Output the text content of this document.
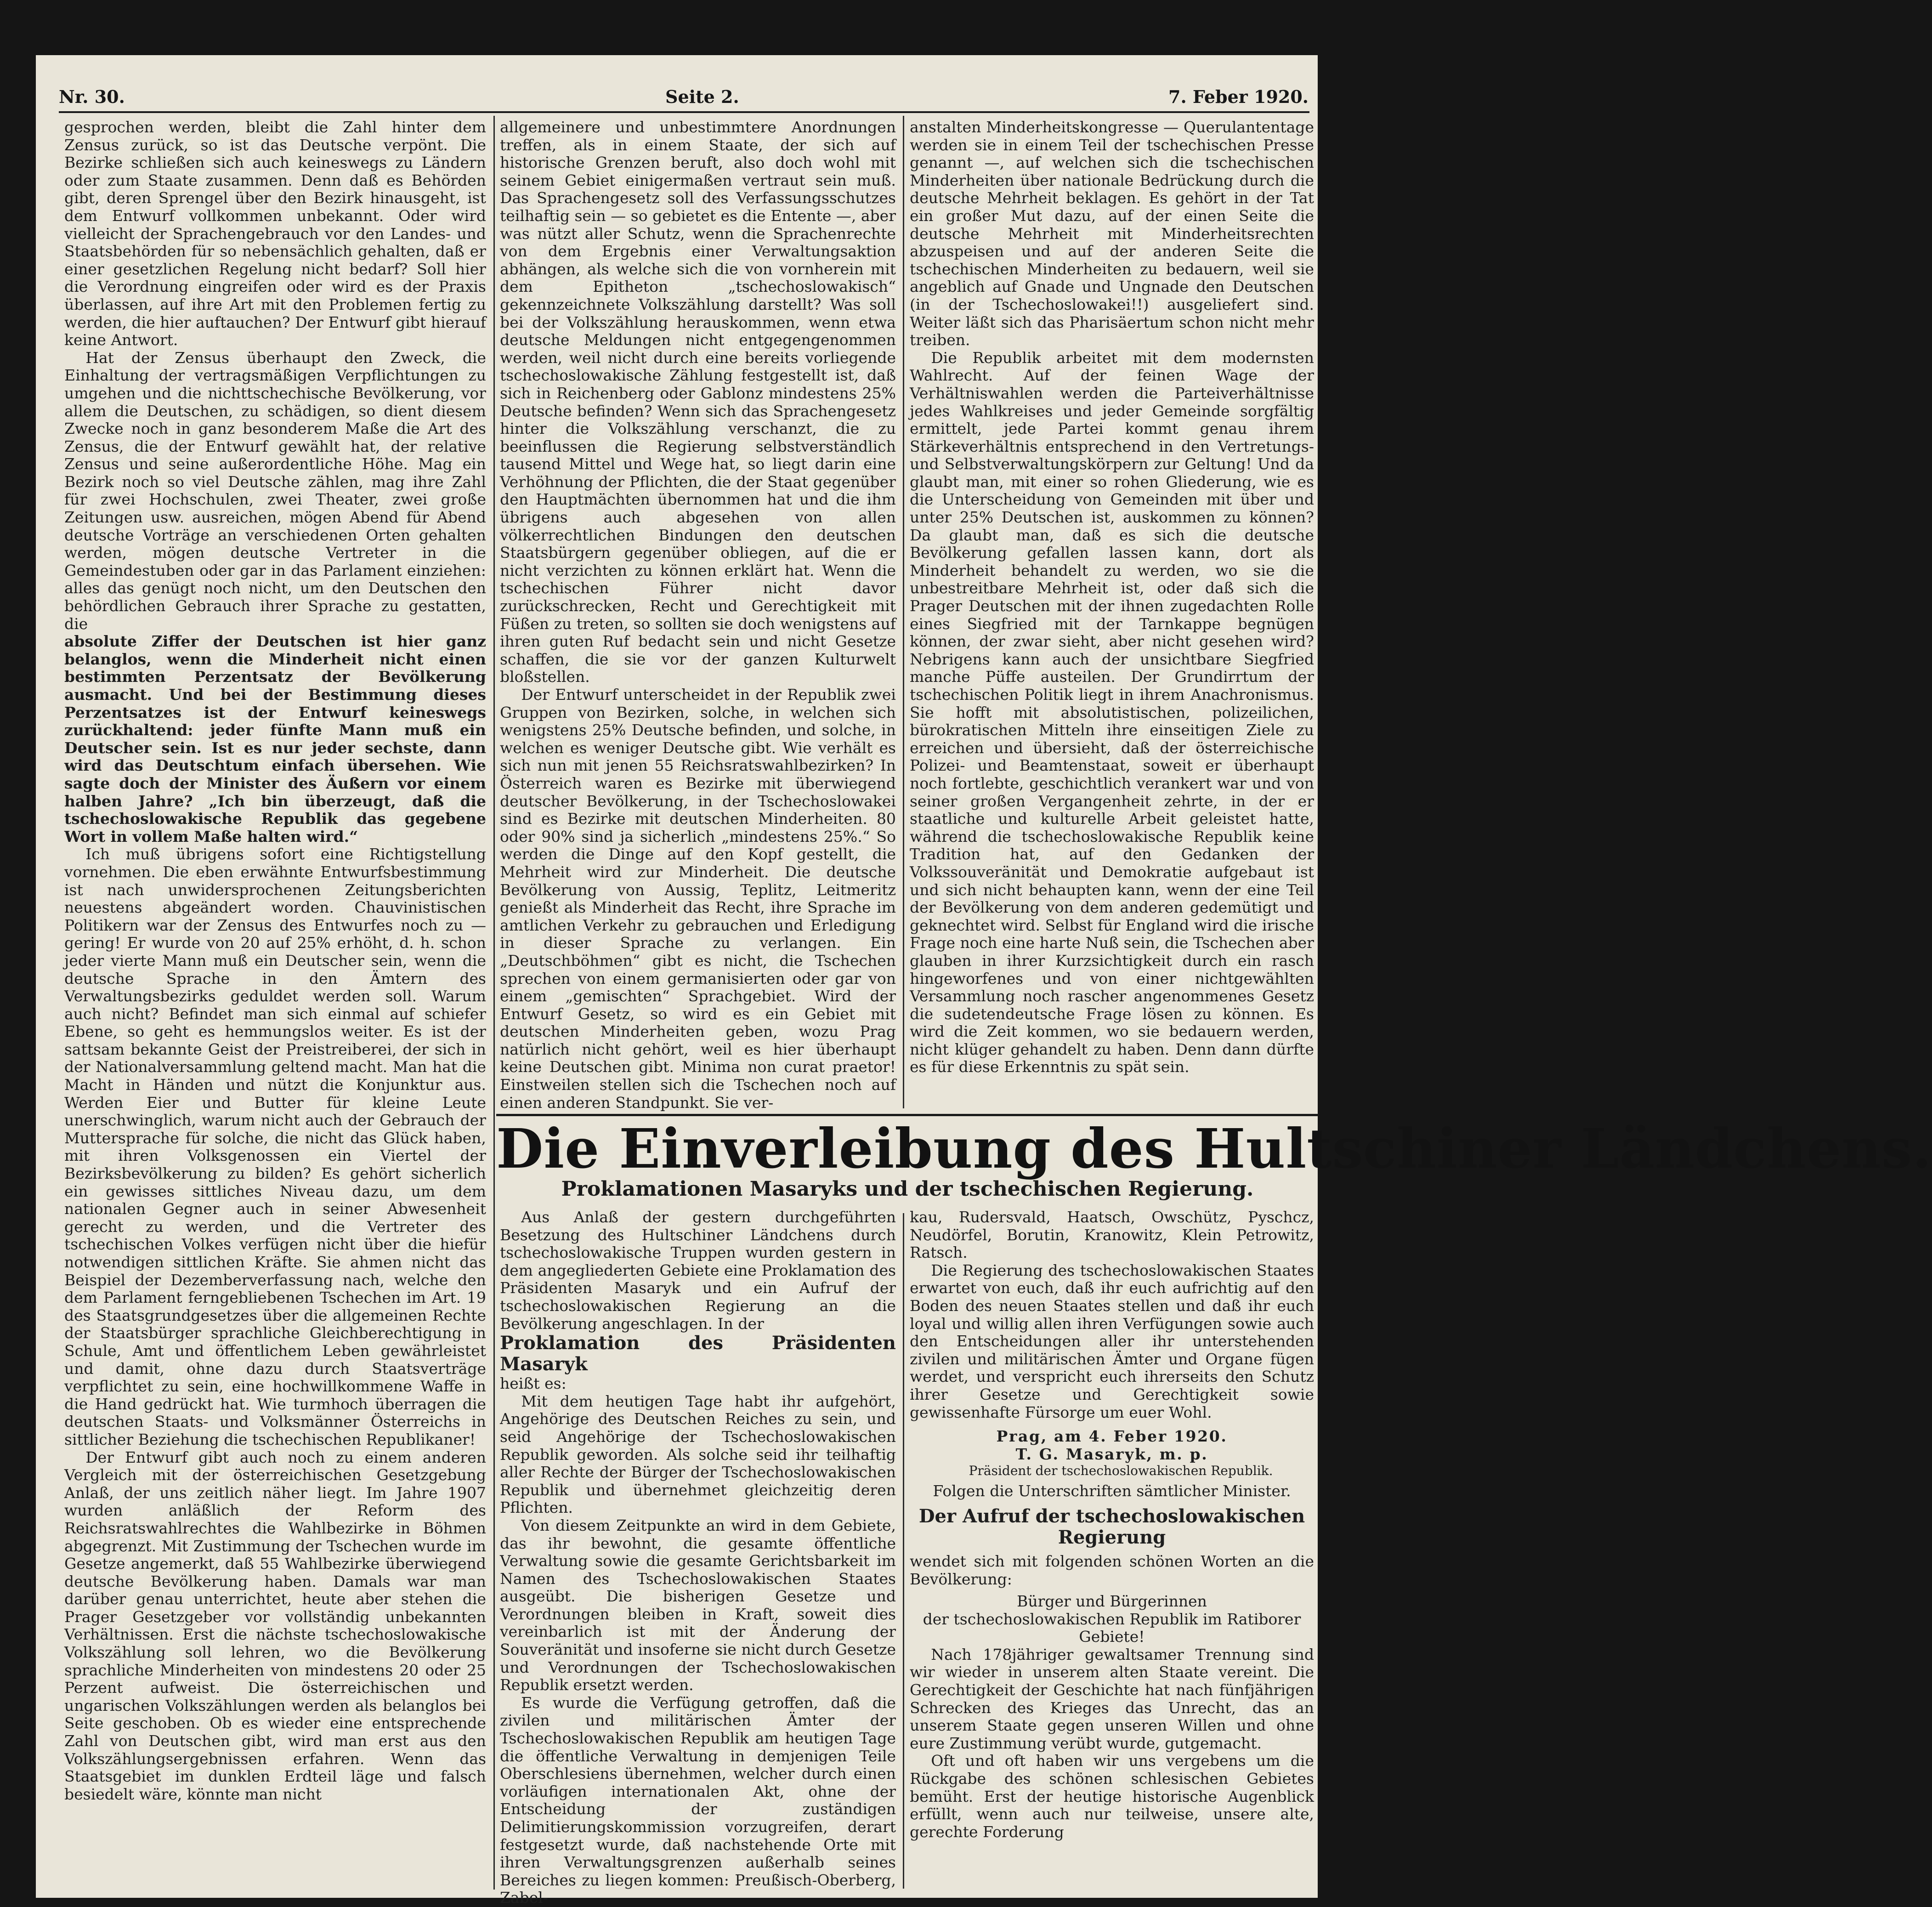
Nr. 30.	Seite 2.	7. Feber 1920.

gesprochen werden, bleibt die Zahl hinter dem Zensus zurück, so ist das Deutsche verpönt. Die Bezirke schließen sich auch keineswegs zu Ländern oder zum Staate zusammen. Denn daß es Behörden gibt, deren Sprengel über den Bezirk hinausgeht, ist dem Entwurf vollkommen unbekannt. Oder wird vielleicht der Sprachengebrauch vor den Landes- und Staatsbehörden für so nebensächlich gehalten, daß er einer gesetzlichen Regelung nicht bedarf? Soll hier die Verordnung eingreifen oder wird es der Praxis überlassen, auf ihre Art mit den Problemen fertig zu werden, die hier auftauchen? Der Entwurf gibt hierauf keine Antwort.

Hat der Zensus überhaupt den Zweck, die Einhaltung der vertragsmäßigen Verpflichtungen zu umgehen und die nichttschechische Bevölkerung, vor allem die Deutschen, zu schädigen, so dient diesem Zwecke noch in ganz besonderem Maße die Art des Zensus, die der Entwurf gewählt hat, der relative Zensus und seine außerordentliche Höhe. Mag ein Bezirk noch so viel Deutsche zählen, mag ihre Zahl für zwei Hochschulen, zwei Theater, zwei große Zeitungen usw. ausreichen, mögen Abend für Abend deutsche Vorträge an verschiedenen Orten gehalten werden, mögen deutsche Vertreter in die Gemeindestuben oder gar in das Parlament einziehen: alles das genügt noch nicht, um den Deutschen den behördlichen Gebrauch ihrer Sprache zu gestatten, die

absolute Ziffer der Deutschen ist hier ganz belanglos, wenn die Minderheit nicht einen bestimmten Perzentsatz der Bevölkerung ausmacht. Und bei der Bestimmung dieses Perzentsatzes ist der Entwurf keineswegs zurückhaltend: jeder fünfte Mann muß ein Deutscher sein. Ist es nur jeder sechste, dann wird das Deutschtum einfach übersehen. Wie sagte doch der Minister des Äußern vor einem halben Jahre? „Ich bin überzeugt, daß die tschechoslowakische Republik das gegebene Wort in vollem Maße halten wird.“

Ich muß übrigens sofort eine Richtigstellung vornehmen. Die eben erwähnte Entwurfsbestimmung ist nach unwidersprochenen Zeitungsberichten neuestens abgeändert worden. Chauvinistischen Politikern war der Zensus des Entwurfes noch zu — gering! Er wurde von 20 auf 25% erhöht, d. h. schon jeder vierte Mann muß ein Deutscher sein, wenn die deutsche Sprache in den Ämtern des Verwaltungsbezirks geduldet werden soll. Warum auch nicht? Befindet man sich einmal auf schiefer Ebene, so geht es hemmungslos weiter. Es ist der sattsam bekannte Geist der Preistreiberei, der sich in der Nationalversammlung geltend macht. Man hat die Macht in Händen und nützt die Konjunktur aus. Werden Eier und Butter für kleine Leute unerschwinglich, warum nicht auch der Gebrauch der Muttersprache für solche, die nicht das Glück haben, mit ihren Volksgenossen ein Viertel der Bezirksbevölkerung zu bilden? Es gehört sicherlich ein gewisses sittliches Niveau dazu, um dem nationalen Gegner auch in seiner Abwesenheit gerecht zu werden, und die Vertreter des tschechischen Volkes verfügen nicht über die hiefür notwendigen sittlichen Kräfte. Sie ahmen nicht das Beispiel der Dezemberverfassung nach, welche den dem Parlament ferngebliebenen Tschechen im Art. 19 des Staatsgrundgesetzes über die allgemeinen Rechte der Staatsbürger sprachliche Gleichberechtigung in Schule, Amt und öffentlichem Leben gewährleistet und damit, ohne dazu durch Staatsverträge verpflichtet zu sein, eine hochwillkommene Waffe in die Hand gedrückt hat. Wie turmhoch überragen die deutschen Staats- und Volksmänner Österreichs in sittlicher Beziehung die tschechischen Republikaner!

Der Entwurf gibt auch noch zu einem anderen Vergleich mit der österreichischen Gesetzgebung Anlaß, der uns zeitlich näher liegt. Im Jahre 1907 wurden anläßlich der Reform des Reichsratswahlrechtes die Wahlbezirke in Böhmen abgegrenzt. Mit Zustimmung der Tschechen wurde im Gesetze angemerkt, daß 55 Wahlbezirke überwiegend deutsche Bevölkerung haben. Damals war man darüber genau unterrichtet, heute aber stehen die Prager Gesetzgeber vor vollständig unbekannten Verhältnissen. Erst die nächste tschechoslowakische Volkszählung soll lehren, wo die Bevölkerung sprachliche Minderheiten von mindestens 20 oder 25 Perzent aufweist. Die österreichischen und ungarischen Volkszählungen werden als belanglos bei Seite geschoben. Ob es wieder eine entsprechende Zahl von Deutschen gibt, wird man erst aus den Volkszählungsergebnissen erfahren. Wenn das Staatsgebiet im dunklen Erdteil läge und falsch besiedelt wäre, könnte man nicht

allgemeinere und unbestimmtere Anordnungen treffen, als in einem Staate, der sich auf historische Grenzen beruft, also doch wohl mit seinem Gebiet einigermaßen vertraut sein muß. Das Sprachengesetz soll des Verfassungsschutzes teilhaftig sein — so gebietet es die Entente —, aber was nützt aller Schutz, wenn die Sprachenrechte von dem Ergebnis einer Verwaltungsaktion abhängen, als welche sich die von vornherein mit dem Epitheton „tschechoslowakisch“ gekennzeichnete Volkszählung darstellt? Was soll bei der Volkszählung herauskommen, wenn etwa deutsche Meldungen nicht entgegengenommen werden, weil nicht durch eine bereits vorliegende tschechoslowakische Zählung festgestellt ist, daß sich in Reichenberg oder Gablonz mindestens 25% Deutsche befinden? Wenn sich das Sprachengesetz hinter die Volkszählung verschanzt, die zu beeinflussen die Regierung selbstverständlich tausend Mittel und Wege hat, so liegt darin eine Verhöhnung der Pflichten, die der Staat gegenüber den Hauptmächten übernommen hat und die ihm übrigens auch abgesehen von allen völkerrechtlichen Bindungen den deutschen Staatsbürgern gegenüber obliegen, auf die er nicht verzichten zu können erklärt hat. Wenn die tschechischen Führer nicht davor zurückschrecken, Recht und Gerechtigkeit mit Füßen zu treten, so sollten sie doch wenigstens auf ihren guten Ruf bedacht sein und nicht Gesetze schaffen, die sie vor der ganzen Kulturwelt bloßstellen.

Der Entwurf unterscheidet in der Republik zwei Gruppen von Bezirken, solche, in welchen sich wenigstens 25% Deutsche befinden, und solche, in welchen es weniger Deutsche gibt. Wie verhält es sich nun mit jenen 55 Reichsratswahlbezirken? In Österreich waren es Bezirke mit überwiegend deutscher Bevölkerung, in der Tschechoslowakei sind es Bezirke mit deutschen Minderheiten. 80 oder 90% sind ja sicherlich „mindestens 25%.“ So werden die Dinge auf den Kopf gestellt, die Mehrheit wird zur Minderheit. Die deutsche Bevölkerung von Aussig, Teplitz, Leitmeritz genießt als Minderheit das Recht, ihre Sprache im amtlichen Verkehr zu gebrauchen und Erledigung in dieser Sprache zu verlangen. Ein „Deutschböhmen“ gibt es nicht, die Tschechen sprechen von einem germanisierten oder gar von einem „gemischten“ Sprachgebiet. Wird der Entwurf Gesetz, so wird es ein Gebiet mit deutschen Minderheiten geben, wozu Prag natürlich nicht gehört, weil es hier überhaupt keine Deutschen gibt. Minima non curat praetor! Einstweilen stellen sich die Tschechen noch auf einen anderen Standpunkt. Sie ver-

anstalten Minderheitskongresse — Querulantentage werden sie in einem Teil der tschechischen Presse genannt —, auf welchen sich die tschechischen Minderheiten über nationale Bedrückung durch die deutsche Mehrheit beklagen. Es gehört in der Tat ein großer Mut dazu, auf der einen Seite die deutsche Mehrheit mit Minderheitsrechten abzuspeisen und auf der anderen Seite die tschechischen Minderheiten zu bedauern, weil sie angeblich auf Gnade und Ungnade den Deutschen (in der Tschechoslowakei!!) ausgeliefert sind. Weiter läßt sich das Pharisäertum schon nicht mehr treiben.

Die Republik arbeitet mit dem modernsten Wahlrecht. Auf der feinen Wage der Verhältniswahlen werden die Parteiverhältnisse jedes Wahlkreises und jeder Gemeinde sorgfältig ermittelt, jede Partei kommt genau ihrem Stärkeverhältnis entsprechend in den Vertretungs- und Selbstverwaltungskörpern zur Geltung! Und da glaubt man, mit einer so rohen Gliederung, wie es die Unterscheidung von Gemeinden mit über und unter 25% Deutschen ist, auskommen zu können? Da glaubt man, daß es sich die deutsche Bevölkerung gefallen lassen kann, dort als Minderheit behandelt zu werden, wo sie die unbestreitbare Mehrheit ist, oder daß sich die Prager Deutschen mit der ihnen zugedachten Rolle eines Siegfried mit der Tarnkappe begnügen können, der zwar sieht, aber nicht gesehen wird? Nebrigens kann auch der unsichtbare Siegfried manche Püffe austeilen. Der Grundirrtum der tschechischen Politik liegt in ihrem Anachronismus. Sie hofft mit absolutistischen, polizeilichen, bürokratischen Mitteln ihre einseitigen Ziele zu erreichen und übersieht, daß der österreichische Polizei- und Beamtenstaat, soweit er überhaupt noch fortlebte, geschichtlich verankert war und von seiner großen Vergangenheit zehrte, in der er staatliche und kulturelle Arbeit geleistet hatte, während die tschechoslowakische Republik keine Tradition hat, auf den Gedanken der Volkssouveränität und Demokratie aufgebaut ist und sich nicht behaupten kann, wenn der eine Teil der Bevölkerung von dem anderen gedemütigt und geknechtet wird. Selbst für England wird die irische Frage noch eine harte Nuß sein, die Tschechen aber glauben in ihrer Kurzsichtigkeit durch ein rasch hingeworfenes und von einer nichtgewählten Versammlung noch rascher angenommenes Gesetz die sudetendeutsche Frage lösen zu können. Es wird die Zeit kommen, wo sie bedauern werden, nicht klüger gehandelt zu haben. Denn dann dürfte es für diese Erkenntnis zu spät sein.

Die Einverleibung des Hultschiner Ländchens.
Proklamationen Masaryks und der tschechischen Regierung.

Aus Anlaß der gestern durchgeführten Besetzung des Hultschiner Ländchens durch tschechoslowakische Truppen wurden gestern in dem angegliederten Gebiete eine Proklamation des Präsidenten Masaryk und ein Aufruf der tschechoslowakischen Regierung an die Bevölkerung angeschlagen. In der

Proklamation des Präsidenten Masaryk

heißt es:

Mit dem heutigen Tage habt ihr aufgehört, Angehörige des Deutschen Reiches zu sein, und seid Angehörige der Tschechoslowakischen Republik geworden. Als solche seid ihr teilhaftig aller Rechte der Bürger der Tschechoslowakischen Republik und übernehmet gleichzeitig deren Pflichten.

Von diesem Zeitpunkte an wird in dem Gebiete, das ihr bewohnt, die gesamte öffentliche Verwaltung sowie die gesamte Gerichtsbarkeit im Namen des Tschechoslowakischen Staates ausgeübt. Die bisherigen Gesetze und Verordnungen bleiben in Kraft, soweit dies vereinbarlich ist mit der Änderung der Souveränität und insoferne sie nicht durch Gesetze und Verordnungen der Tschechoslowakischen Republik ersetzt werden.

Es wurde die Verfügung getroffen, daß die zivilen und militärischen Ämter der Tschechoslowakischen Republik am heutigen Tage die öffentliche Verwaltung in demjenigen Teile Oberschlesiens übernehmen, welcher durch einen vorläufigen internationalen Akt, ohne der Entscheidung der zuständigen Delimitierungskommission vorzugreifen, derart festgesetzt wurde, daß nachstehende Orte mit ihren Verwaltungsgrenzen außerhalb seines Bereiches zu liegen kommen: Preußisch-Oberberg, Zabel-

kau, Rudersvald, Haatsch, Owschütz, Pyschcz, Neudörfel, Borutin, Kranowitz, Klein Petrowitz, Ratsch.

Die Regierung des tschechoslowakischen Staates erwartet von euch, daß ihr euch aufrichtig auf den Boden des neuen Staates stellen und daß ihr euch loyal und willig allen ihren Verfügungen sowie auch den Entscheidungen aller ihr unterstehenden zivilen und militärischen Ämter und Organe fügen werdet, und verspricht euch ihrerseits den Schutz ihrer Gesetze und Gerechtigkeit sowie gewissenhafte Fürsorge um euer Wohl.

Prag, am 4. Feber 1920.

T. G. Masaryk, m. p.

Präsident der tschechoslowakischen Republik.

Folgen die Unterschriften sämtlicher Minister.

Der Aufruf der tschechoslowakischen

Regierung

wendet sich mit folgenden schönen Worten an die Bevölkerung:

Bürger und Bürgerinnen

der tschechoslowakischen Republik im Ratiborer Gebiete!

Nach 178jähriger gewaltsamer Trennung sind wir wieder in unserem alten Staate vereint. Die Gerechtigkeit der Geschichte hat nach fünfjährigen Schrecken des Krieges das Unrecht, das an unserem Staate gegen unseren Willen und ohne eure Zustimmung verübt wurde, gutgemacht.

Oft und oft haben wir uns vergebens um die Rückgabe des schönen schlesischen Gebietes bemüht. Erst der heutige historische Augenblick erfüllt, wenn auch nur teilweise, unsere alte, gerechte Forderung
